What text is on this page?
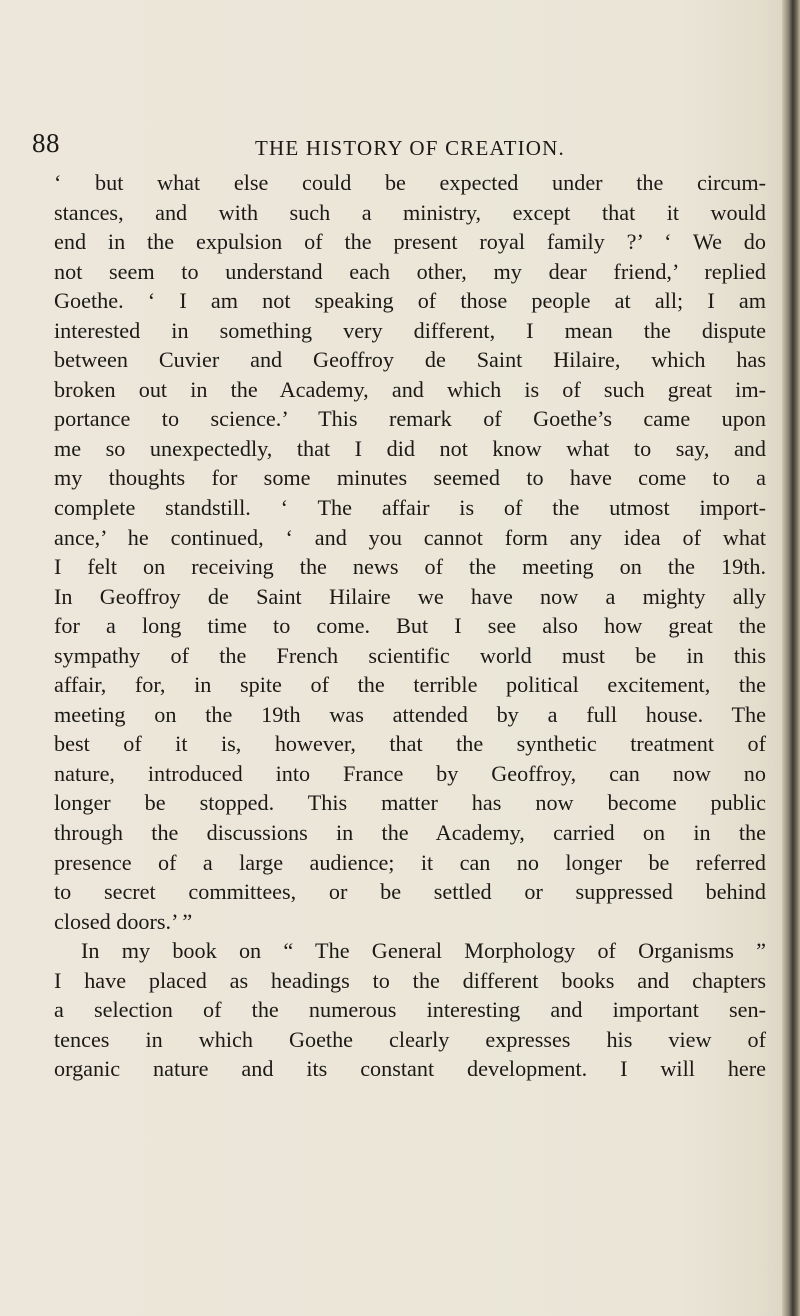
88	THE HISTORY OF CREATION.
‘ but what else could be expected under the circum-
stances, and with such a ministry, except that it would
end in the expulsion of the present royal family ?’ ‘ We do
not seem to understand each other, my dear friend,’ replied
Goethe. ‘ I am not speaking of those people at all; I am
interested in something very different, I mean the dispute
between Cuvier and Geoffroy de Saint Hilaire, which has
broken out in the Academy, and which is of such great im-
portance to science.’ This remark of Goethe’s came upon
me so unexpectedly, that I did not know what to say, and
my thoughts for some minutes seemed to have come to a
complete standstill. ‘ The affair is of the utmost import-
ance,’ he continued, ‘ and you cannot form any idea of what
I felt on receiving the news of the meeting on the 19th.
In Geoffroy de Saint Hilaire we have now a mighty ally
for a long time to come. But I see also how great the
sympathy of the French scientific world must be in this
affair, for, in spite of the terrible political excitement, the
meeting on the 19th was attended by a full house. The
best of it is, however, that the synthetic treatment of
nature, introduced into France by Geoffroy, can now no
longer be stopped. This matter has now become public
through the discussions in the Academy, carried on in the
presence of a large audience; it can no longer be referred
to secret committees, or be settled or suppressed behind
closed doors.’ ”
In my book on “ The General Morphology of Organisms ”
I have placed as headings to the different books and chapters
a selection of the numerous interesting and important sen-
tences in which Goethe clearly expresses his view of
organic nature and its constant development. I will here
